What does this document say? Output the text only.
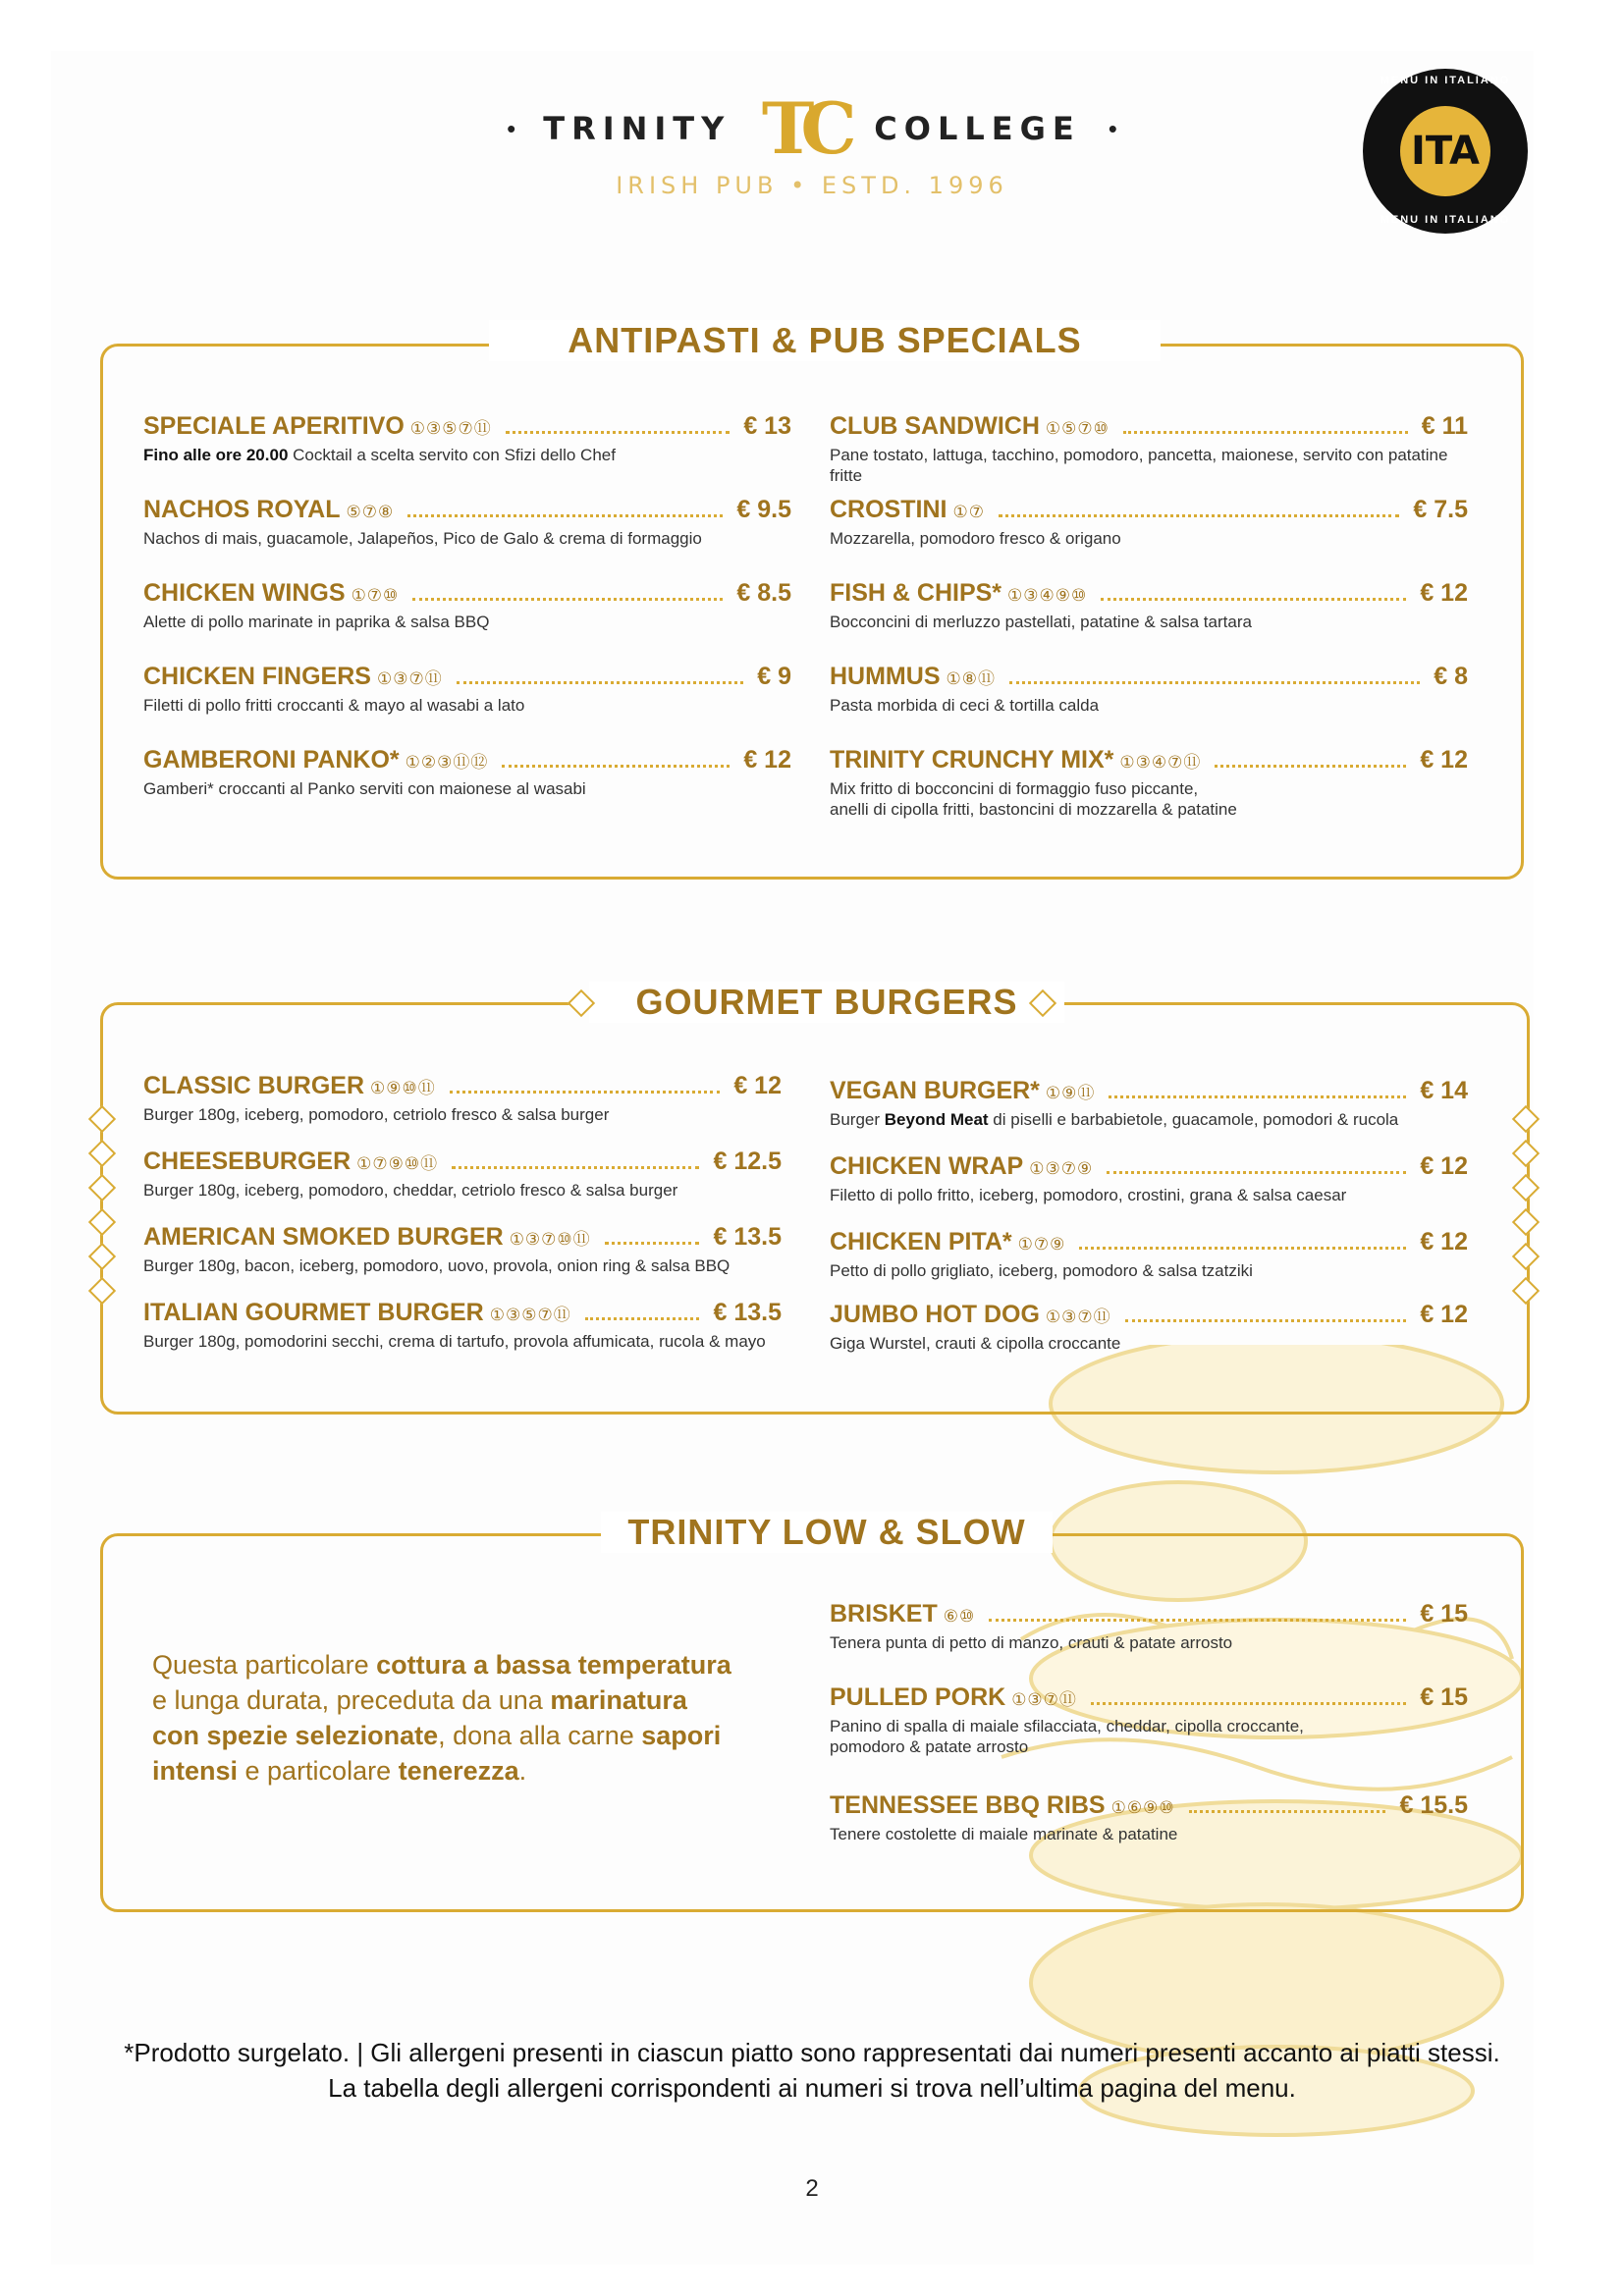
• TRINITY TC COLLEGE •
IRISH PUB • ESTD. 1996
MENU IN ITALIANO
ITA
MENU IN ITALIANO
ANTIPASTI & PUB SPECIALS
SPECIALE APERITIVO ①③⑤⑦⑪	€ 13
Fino alle ore 20.00 Cocktail a scelta servito con Sfizi dello Chef
NACHOS ROYAL ⑤⑦⑧	€ 9.5
Nachos di mais, guacamole, Jalapeños, Pico de Galo & crema di formaggio
CHICKEN WINGS ①⑦⑩	€ 8.5
Alette di pollo marinate in paprika & salsa BBQ
CHICKEN FINGERS ①③⑦⑪	€ 9
Filetti di pollo fritti croccanti & mayo al wasabi a lato
GAMBERONI PANKO* ①②③⑪⑫	€ 12
Gamberi* croccanti al Panko serviti con maionese al wasabi
CLUB SANDWICH ①⑤⑦⑩	€ 11
Pane tostato, lattuga, tacchino, pomodoro, pancetta, maionese, servito con patatine fritte
CROSTINI ①⑦	€ 7.5
Mozzarella, pomodoro fresco & origano
FISH & CHIPS* ①③④⑨⑩	€ 12
Bocconcini di merluzzo pastellati, patatine & salsa tartara
HUMMUS ①⑧⑪	€ 8
Pasta morbida di ceci & tortilla calda
TRINITY CRUNCHY MIX* ①③④⑦⑪	€ 12
Mix fritto di bocconcini di formaggio fuso piccante,
anelli di cipolla fritti, bastoncini di mozzarella & patatine
GOURMET BURGERS
CLASSIC BURGER ①⑨⑩⑪	€ 12
Burger 180g, iceberg, pomodoro, cetriolo fresco & salsa burger
CHEESEBURGER ①⑦⑨⑩⑪	€ 12.5
Burger 180g, iceberg, pomodoro, cheddar, cetriolo fresco & salsa burger
AMERICAN SMOKED BURGER ①③⑦⑩⑪	€ 13.5
Burger 180g, bacon, iceberg, pomodoro, uovo, provola, onion ring & salsa BBQ
ITALIAN GOURMET BURGER ①③⑤⑦⑪	€ 13.5
Burger 180g, pomodorini secchi, crema di tartufo, provola affumicata, rucola & mayo
VEGAN BURGER* ①⑨⑪	€ 14
Burger Beyond Meat di piselli e barbabietole, guacamole, pomodori & rucola
CHICKEN WRAP ①③⑦⑨	€ 12
Filetto di pollo fritto, iceberg, pomodoro, crostini, grana & salsa caesar
CHICKEN PITA* ①⑦⑨	€ 12
Petto di pollo grigliato, iceberg, pomodoro & salsa tzatziki
JUMBO HOT DOG ①③⑦⑪	€ 12
Giga Wurstel, crauti & cipolla croccante
TRINITY LOW & SLOW
Questa particolare cottura a bassa temperatura e lunga durata, preceduta da una marinatura con spezie selezionate, dona alla carne sapori intensi e particolare tenerezza.
BRISKET ⑥⑩	€ 15
Tenera punta di petto di manzo, crauti & patate arrosto
PULLED PORK ①③⑦⑪	€ 15
Panino di spalla di maiale sfilacciata, cheddar, cipolla croccante,
pomodoro & patate arrosto
TENNESSEE BBQ RIBS ①⑥⑨⑩	€ 15.5
Tenere costolette di maiale marinate & patatine
*Prodotto surgelato. | Gli allergeni presenti in ciascun piatto sono rappresentati dai numeri presenti accanto ai piatti stessi.
La tabella degli allergeni corrispondenti ai numeri si trova nell’ultima pagina del menu.
2
